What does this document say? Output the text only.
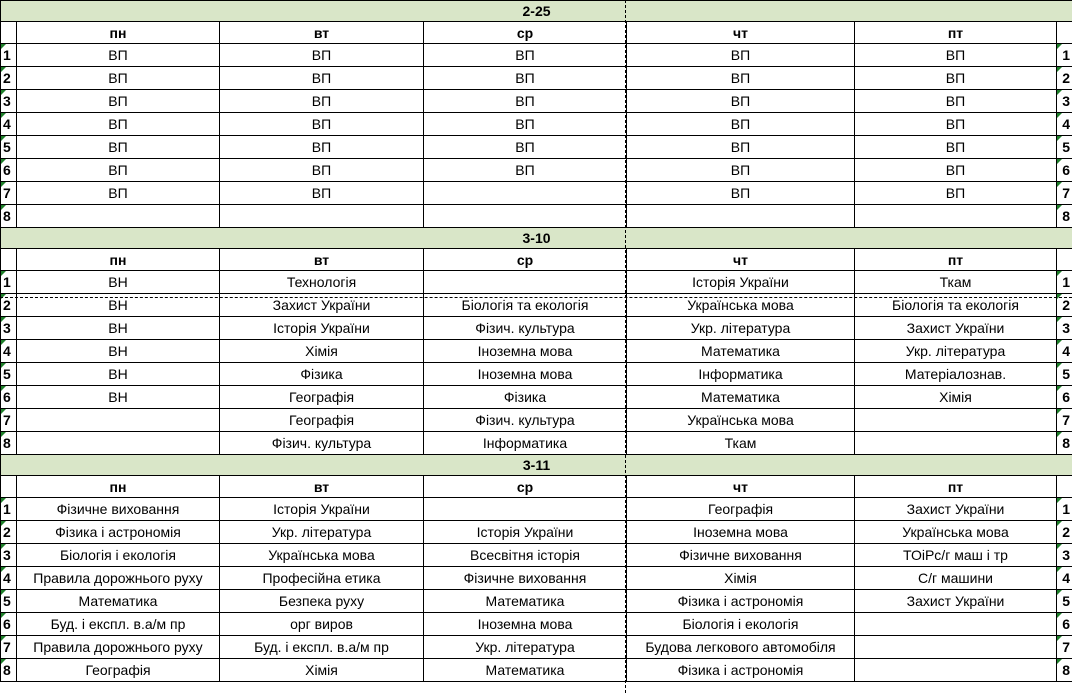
2-25						
	пн	вт	ср	чт	пт	
1	ВП	ВП	ВП	ВП	ВП	1
2	ВП	ВП	ВП	ВП	ВП	2
3	ВП	ВП	ВП	ВП	ВП	3
4	ВП	ВП	ВП	ВП	ВП	4
5	ВП	ВП	ВП	ВП	ВП	5
6	ВП	ВП	ВП	ВП	ВП	6
7	ВП	ВП		ВП	ВП	7
8						8
3-10						
	пн	вт	ср	чт	пт	
1	ВН	Технологія		Історія України	Ткам	1
2	ВН	Захист України	Біологія та екологія	Українська мова	Біологія та екологія	2
3	ВН	Історія України	Фізич. культура	Укр. література	Захист України	3
4	ВН	Хімія	Іноземна мова	Математика	Укр. література	4
5	ВН	Фізика	Іноземна мова	Інформатика	Матеріалознав.	5
6	ВН	Географія	Фізика	Математика	Хімія	6
7		Географія	Фізич. культура	Українська мова		7
8		Фізич. культура	Інформатика	Ткам		8
3-11						
	пн	вт	ср	чт	пт	
1	Фізичне виховання	Історія України		Географія	Захист України	1
2	Фізика і астрономія	Укр. література	Історія України	Іноземна мова	Українська мова	2
3	Біологія і екологія	Українська мова	Всесвітня історія	Фізичне виховання	ТОіРс/г маш і тр	3
4	Правила дорожнього руху	Професійна етика	Фізичне виховання	Хімія	С/г машини	4
5	Математика	Безпека руху	Математика	Фізика і астрономія	Захист України	5
6	Буд. і експл. в.а/м пр	орг виров	Іноземна мова	Біологія і екологія		6
7	Правила дорожнього руху	Буд. і експл. в.а/м пр	Укр. література	Будова легкового автомобіля		7
8	Географія	Хімія	Математика	Фізика і астрономія		8
